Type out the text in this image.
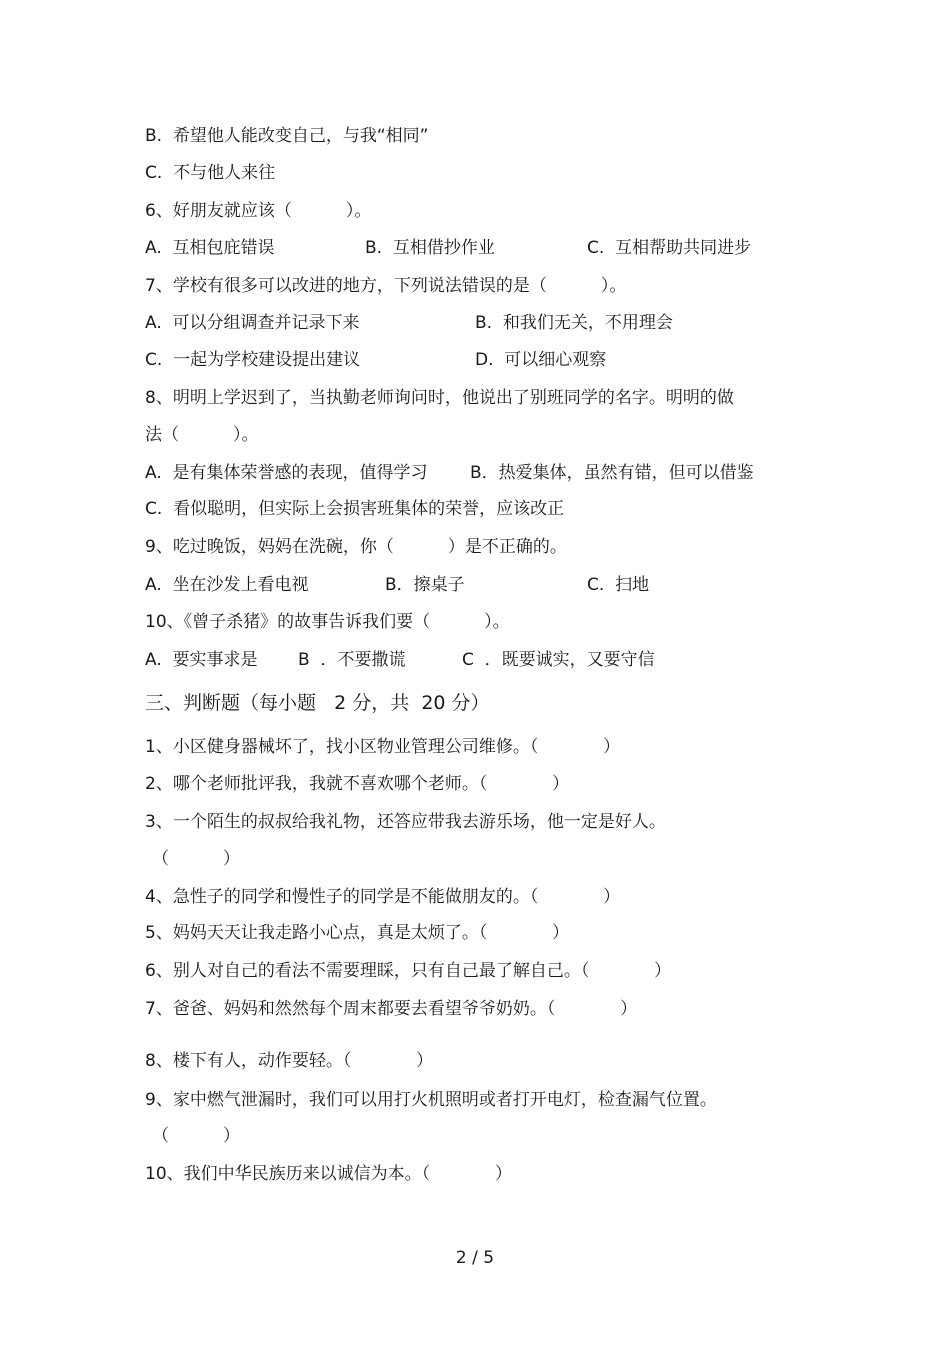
B.  希望他人能改变自己，与我“相同”
C.  不与他人来往
6、好朋友就应该（          ）。
A.  互相包庇错误	B.  互相借抄作业	C.  互相帮助共同进步
7、学校有很多可以改进的地方，下列说法错误的是（          ）。
A.  可以分组调查并记录下来	B.  和我们无关，不用理会
C.  一起为学校建设提出建议	D.  可以细心观察
8、明明上学迟到了，当执勤老师询问时，他说出了别班同学的名字。明明的做
法（          ）。
A.  是有集体荣誉感的表现，值得学习 B．热爱集体，虽然有错，但可以借鉴
C.  看似聪明，但实际上会损害班集体的荣誉，应该改正
9、吃过晚饭，妈妈在洗碗，你（          ）是不正确的。
A.  坐在沙发上看电视	B．擦桌子	C.  扫地
10、《曾子杀猪》的故事告诉我们要（          ）。
A.  要实事求是 B  ．不要撒谎	C  ．既要诚实，又要守信
三、判断题（每小题   2 分，共  20 分）
1、小区健身器械坏了，找小区物业管理公司维修。（            ）
2、哪个老师批评我，我就不喜欢哪个老师。（            ）
3、一个陌生的叔叔给我礼物，还答应带我去游乐场，他一定是好人。
（          ）
4、急性子的同学和慢性子的同学是不能做朋友的。（            ）
5、妈妈天天让我走路小心点，真是太烦了。（            ）
6、别人对自己的看法不需要理睬，只有自己最了解自己。（            ）
7、爸爸、妈妈和然然每个周末都要去看望爷爷奶奶。（            ）
8、楼下有人，动作要轻。（            ）
9、家中燃气泄漏时，我们可以用打火机照明或者打开电灯，检查漏气位置。
（          ）
10、我们中华民族历来以诚信为本。（            ）
2 / 5
